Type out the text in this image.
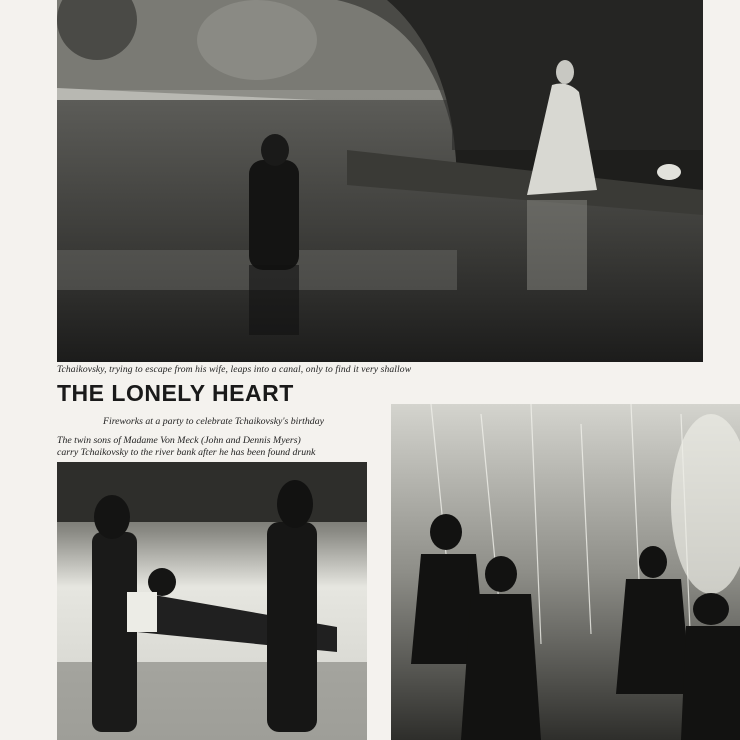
Tchaikovsky, trying to escape from his wife, leaps into a canal, only to find it very shallow
THE LONELY HEART
Fireworks at a party to celebrate Tchaikovsky's birthday
The twin sons of Madame Von Meck (John and Dennis Myers)
carry Tchaikovsky to the river bank after he has been found drunk
